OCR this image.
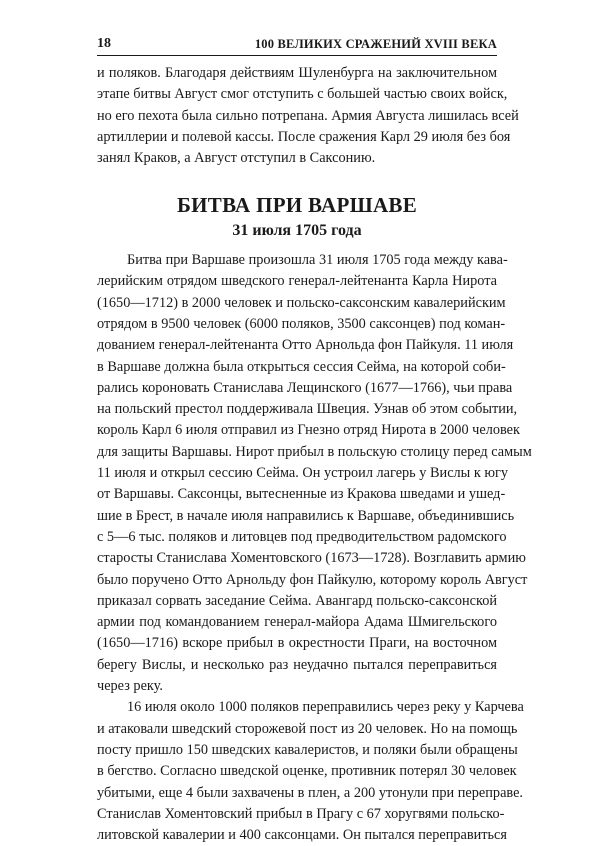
18	100 ВЕЛИКИХ СРАЖЕНИЙ XVIII ВЕКА

и поляков. Благодаря действиям Шуленбурга на заключительном
этапе битвы Август смог отступить с большей частью своих войск,
но его пехота была сильно потрепана. Армия Августа лишилась всей
артиллерии и полевой кассы. После сражения Карл 29 июля без боя
занял Краков, а Август отступил в Саксонию.

БИТВА ПРИ ВАРШАВЕ
31 июля 1705 года

Битва при Варшаве произошла 31 июля 1705 года между кава-
лерийским отрядом шведского генерал-лейтенанта Карла Нирота
(1650—1712) в 2000 человек и польско-саксонским кавалерийским
отрядом в 9500 человек (6000 поляков, 3500 саксонцев) под коман-
дованием генерал-лейтенанта Отто Арнольда фон Пайкуля. 11 июля
в Варшаве должна была открыться сессия Сейма, на которой соби-
рались короновать Станислава Лещинского (1677—1766), чьи права
на польский престол поддерживала Швеция. Узнав об этом событии,
король Карл 6 июля отправил из Гнезно отряд Нирота в 2000 человек
для защиты Варшавы. Нирот прибыл в польскую столицу перед самым
11 июля и открыл сессию Сейма. Он устроил лагерь у Вислы к югу
от Варшавы. Саксонцы, вытесненные из Кракова шведами и ушед-
шие в Брест, в начале июля направились к Варшаве, объединившись
с 5—6 тыс. поляков и литовцев под предводительством радомского
старосты Станислава Хоментовского (1673—1728). Возглавить армию
было поручено Отто Арнольду фон Пайкулю, которому король Август
приказал сорвать заседание Сейма. Авангард польско-саксонской
армии под командованием генерал-майора Адама Шмигельского
(1650—1716) вскоре прибыл в окрестности Праги, на восточном
берегу Вислы, и несколько раз неудачно пытался переправиться
через реку.

16 июля около 1000 поляков переправились через реку у Карчева
и атаковали шведский сторожевой пост из 20 человек. Но на помощь
посту пришло 150 шведских кавалеристов, и поляки были обращены
в бегство. Согласно шведской оценке, противник потерял 30 человек
убитыми, еще 4 были захвачены в плен, а 200 утонули при переправе.
Станислав Хоментовский прибыл в Прагу с 67 хоругвями польско-
литовской кавалерии и 400 саксонцами. Он пытался переправиться
